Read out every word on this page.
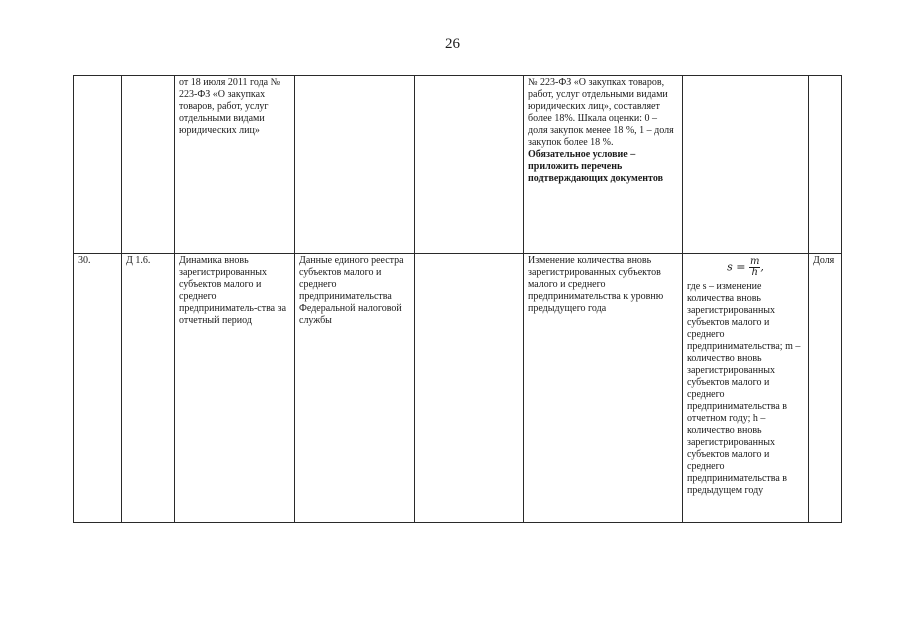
26
		от 18 июля 2011 года № 223-ФЗ «О закупках товаров, работ, услуг отдельными видами юридических лиц»			№ 223-ФЗ «О закупках товаров, работ, услуг отдельными видами юридических лиц», составляет более 18%. Шкала оценки: 0 – доля закупок менее 18 %, 1 – доля закупок более 18 %.
Обязательное условие – приложить перечень подтверждающих документов		

30.	Д 1.6.	Динамика вновь зарегистрированных субъектов малого и среднего предприниматель-ства за отчетный период	Данные единого реестра субъектов малого и среднего предпринимательства Федеральной налоговой службы		Изменение количества вновь зарегистрированных субъектов малого и среднего предпринимательства к уровню предыдущего года	$s = \frac{m}{h}$ ,
где s – изменение количества вновь зарегистрированных субъектов малого и среднего предпринимательства; m – количество вновь зарегистрированных субъектов малого и среднего предпринимательства в отчетном году; h – количество вновь зарегистрированных субъектов малого и среднего предпринимательства в предыдущем году	Доля
